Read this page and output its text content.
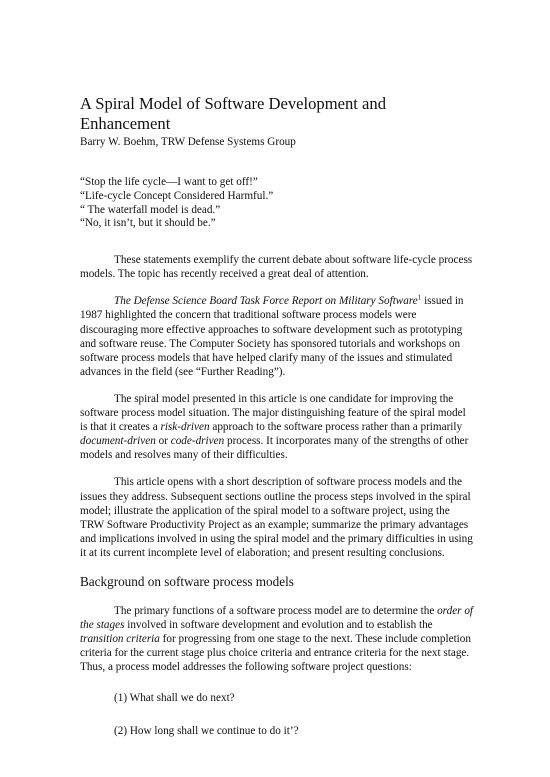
A Spiral Model of Software Development and Enhancement
Barry W. Boehm, TRW Defense Systems Group
“Stop the life cycle—I want to get off!”
“Life-cycle Concept Considered Harmful.”
“ The waterfall model is dead.”
“No, it isn’t, but it should be.”

These statements exemplify the current debate about software life-cycle process models. The topic has recently received a great deal of attention.

The Defense Science Board Task Force Report on Military Software$^1$ issued in 1987 highlighted the concern that traditional software process models were discouraging more effective approaches to software development such as prototyping and software reuse. The Computer Society has sponsored tutorials and workshops on software process models that have helped clarify many of the issues and stimulated advances in the field (see “Further Reading”).

The spiral model presented in this article is one candidate for improving the software process model situation. The major distinguishing feature of the spiral model is that it creates a risk-driven approach to the software process rather than a primarily document-driven or code-driven process. It incorporates many of the strengths of other models and resolves many of their difficulties.

This article opens with a short description of software process models and the issues they address. Subsequent sections outline the process steps involved in the spiral model; illustrate the application of the spiral model to a software project, using the TRW Software Productivity Project as an example; summarize the primary advantages and implications involved in using the spiral model and the primary difficulties in using it at its current incomplete level of elaboration; and present resulting conclusions.

Background on software process models

The primary functions of a software process model are to determine the order of the stages involved in software development and evolution and to establish the transition criteria for progressing from one stage to the next. These include completion criteria for the current stage plus choice criteria and entrance criteria for the next stage. Thus, a process model addresses the following software project questions:

(1) What shall we do next?
(2) How long shall we continue to do it’?
